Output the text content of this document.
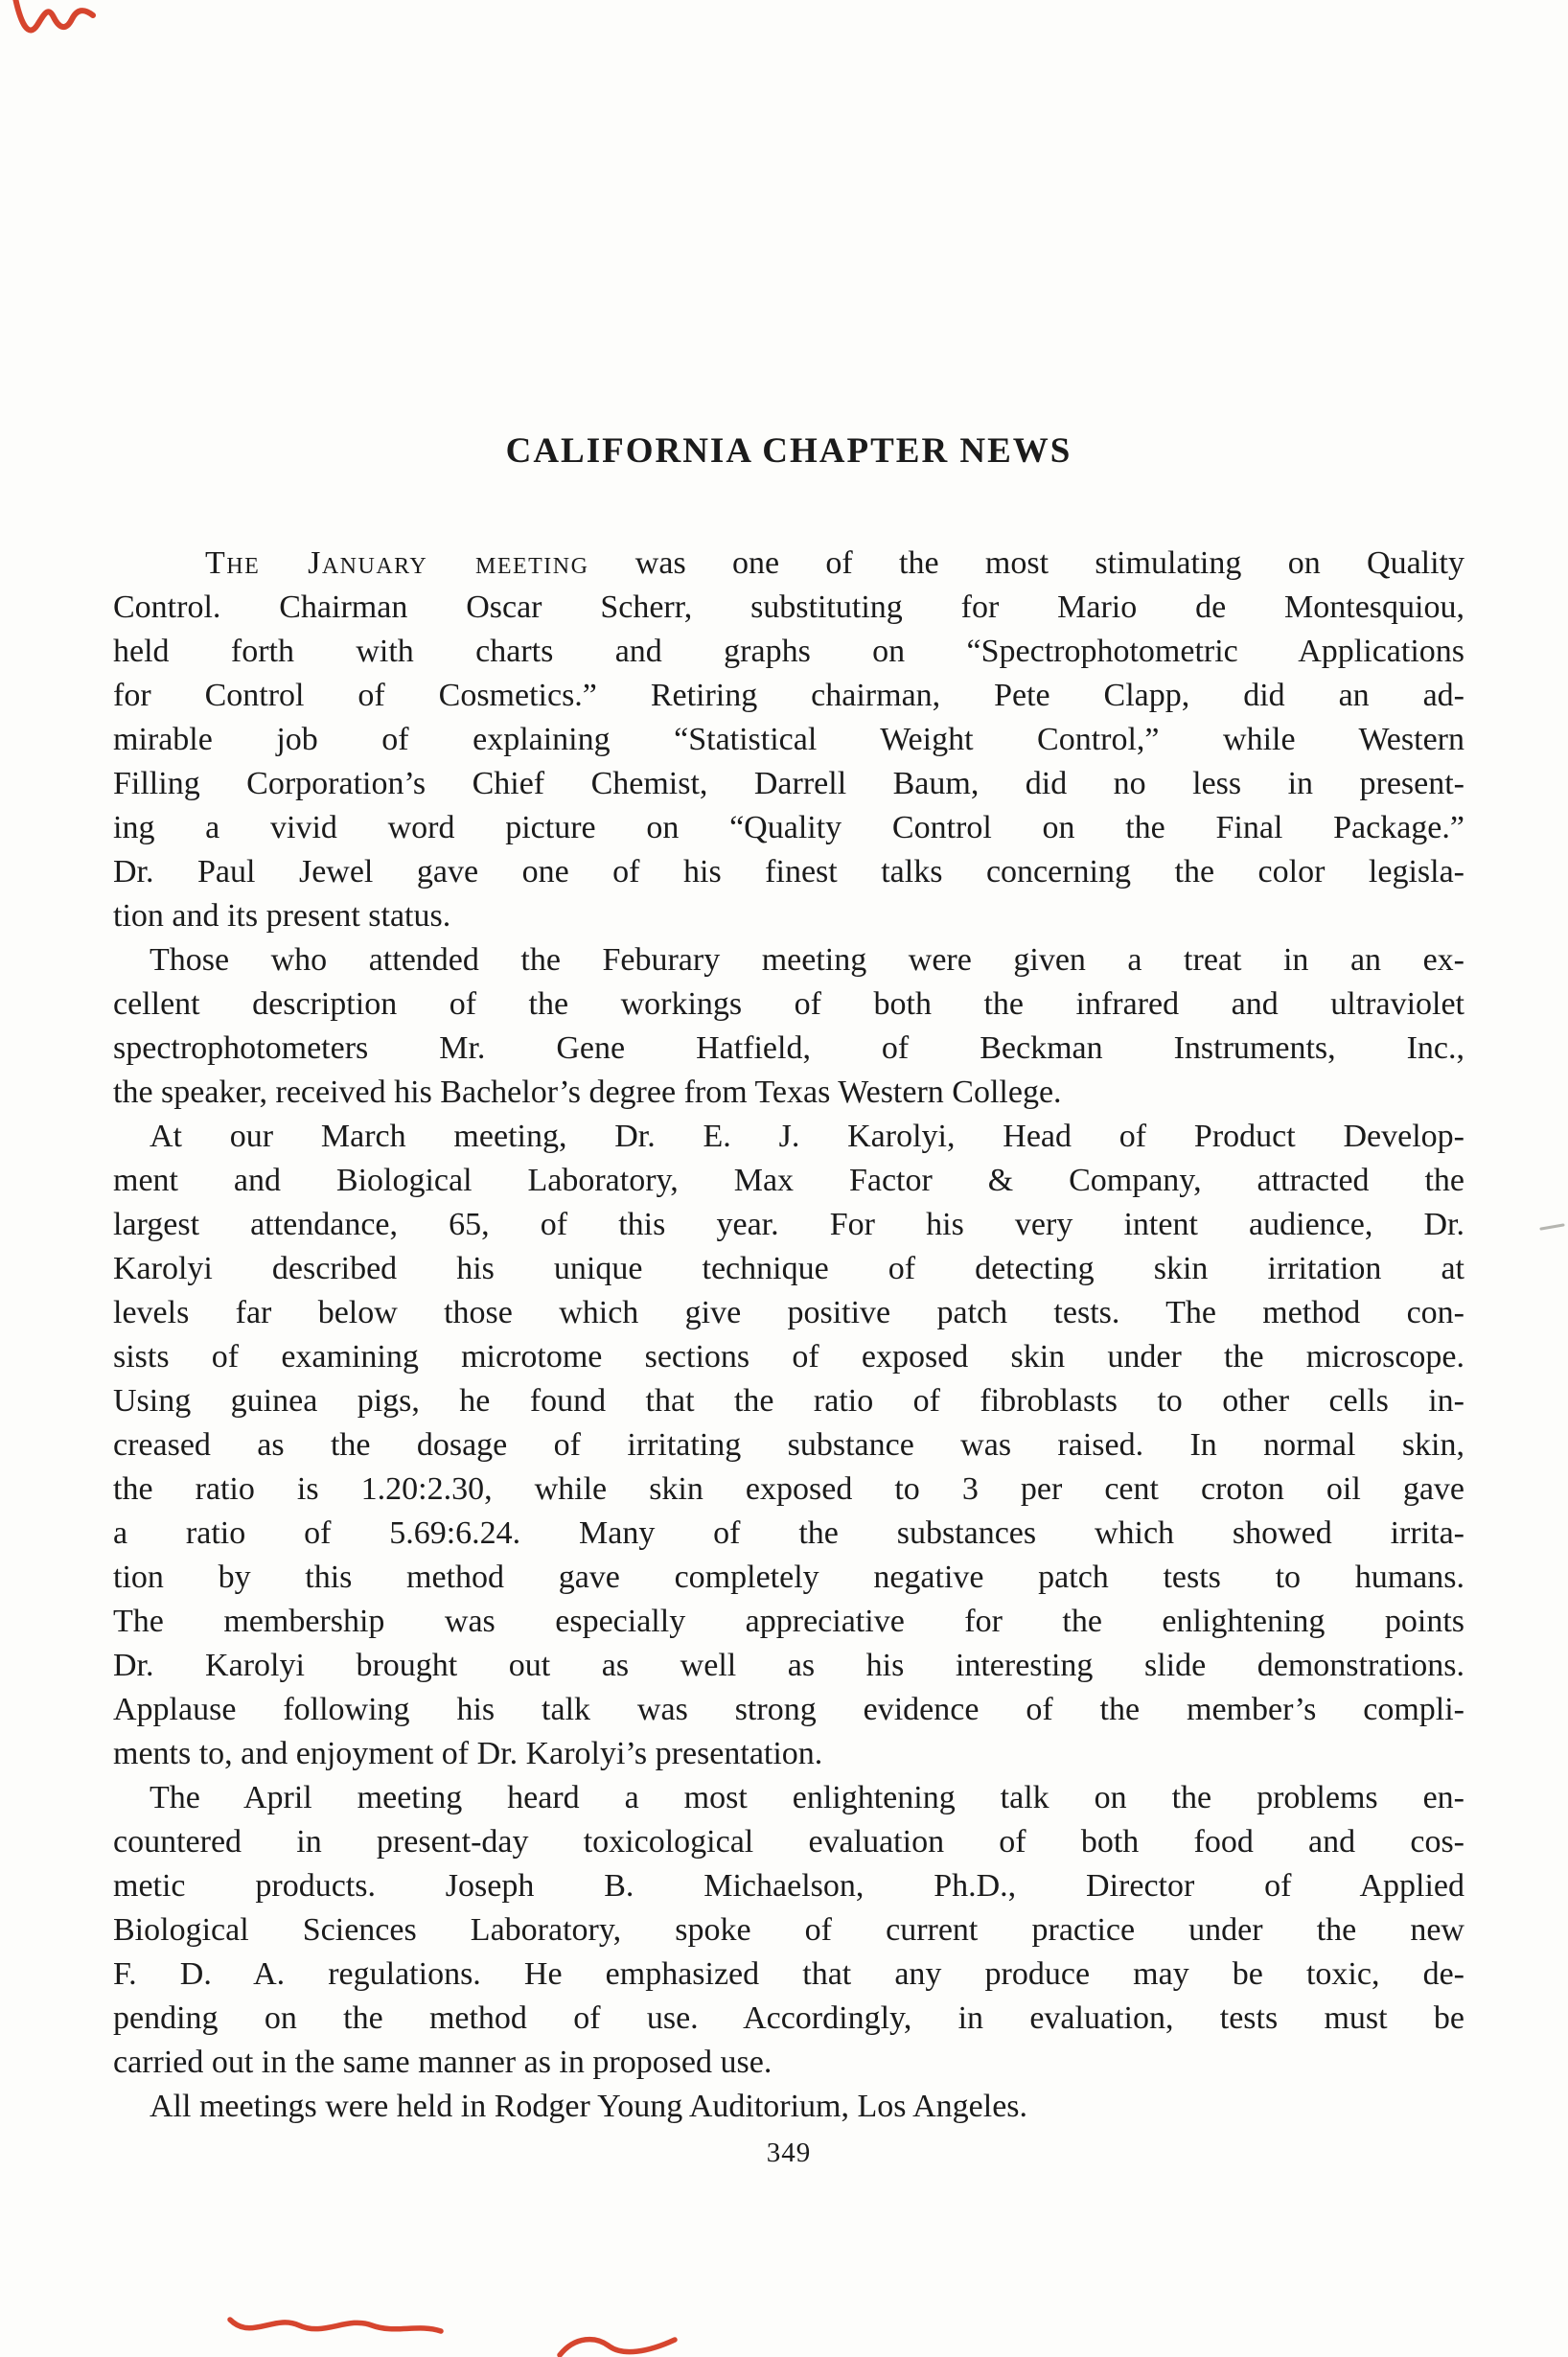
CALIFORNIA CHAPTER NEWS
The January meeting was one of the most stimulating on Quality
Control. Chairman Oscar Scherr, substituting for Mario de Montesquiou,
held forth with charts and graphs on “Spectrophotometric Applications
for Control of Cosmetics.” Retiring chairman, Pete Clapp, did an ad-
mirable job of explaining “Statistical Weight Control,” while Western
Filling Corporation’s Chief Chemist, Darrell Baum, did no less in present-
ing a vivid word picture on “Quality Control on the Final Package.”
Dr. Paul Jewel gave one of his finest talks concerning the color legisla-
tion and its present status.
Those who attended the Feburary meeting were given a treat in an ex-
cellent description of the workings of both the infrared and ultraviolet
spectrophotometers Mr. Gene Hatfield, of Beckman Instruments, Inc.,
the speaker, received his Bachelor’s degree from Texas Western College.
At our March meeting, Dr. E. J. Karolyi, Head of Product Develop-
ment and Biological Laboratory, Max Factor & Company, attracted the
largest attendance, 65, of this year. For his very intent audience, Dr.
Karolyi described his unique technique of detecting skin irritation at
levels far below those which give positive patch tests. The method con-
sists of examining microtome sections of exposed skin under the microscope.
Using guinea pigs, he found that the ratio of fibroblasts to other cells in-
creased as the dosage of irritating substance was raised. In normal skin,
the ratio is 1.20:2.30, while skin exposed to 3 per cent croton oil gave
a ratio of 5.69:6.24. Many of the substances which showed irrita-
tion by this method gave completely negative patch tests to humans.
The membership was especially appreciative for the enlightening points
Dr. Karolyi brought out as well as his interesting slide demonstrations.
Applause following his talk was strong evidence of the member’s compli-
ments to, and enjoyment of Dr. Karolyi’s presentation.
The April meeting heard a most enlightening talk on the problems en-
countered in present-day toxicological evaluation of both food and cos-
metic products. Joseph B. Michaelson, Ph.D., Director of Applied
Biological Sciences Laboratory, spoke of current practice under the new
F. D. A. regulations. He emphasized that any produce may be toxic, de-
pending on the method of use. Accordingly, in evaluation, tests must be
carried out in the same manner as in proposed use.
All meetings were held in Rodger Young Auditorium, Los Angeles.
349
